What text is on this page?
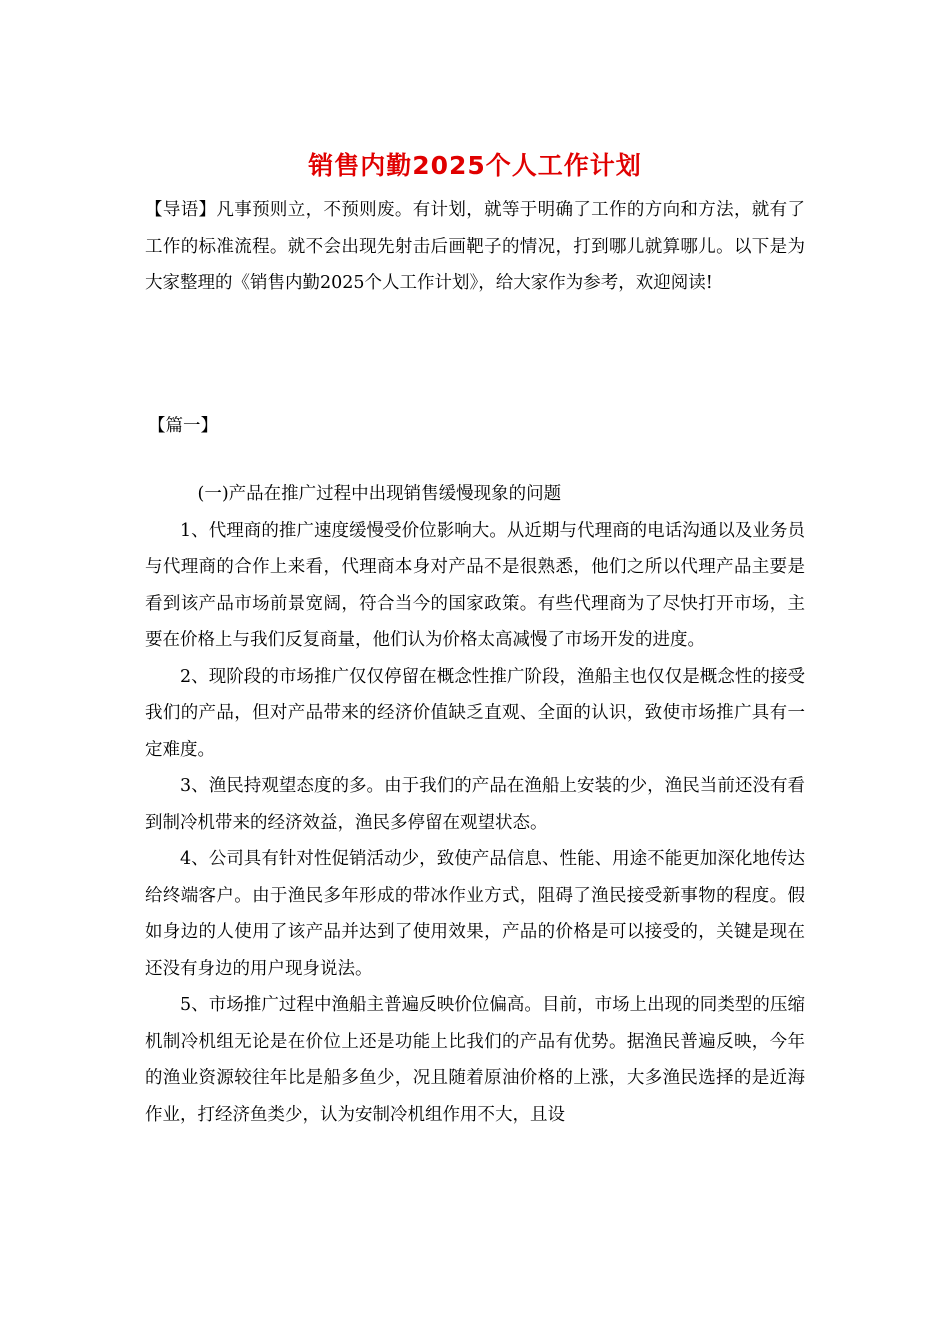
销售内勤2025个人工作计划

【导语】凡事预则立，不预则废。有计划，就等于明确了工作的方向和方法，就有了工作的标准流程。就不会出现先射击后画靶子的情况，打到哪儿就算哪儿。以下是为大家整理的《销售内勤2025个人工作计划》，给大家作为参考，欢迎阅读!

【篇一】

(一)产品在推广过程中出现销售缓慢现象的问题

1、代理商的推广速度缓慢受价位影响大。从近期与代理商的电话沟通以及业务员与代理商的合作上来看，代理商本身对产品不是很熟悉，他们之所以代理产品主要是看到该产品市场前景宽阔，符合当今的国家政策。有些代理商为了尽快打开市场，主要在价格上与我们反复商量，他们认为价格太高减慢了市场开发的进度。

2、现阶段的市场推广仅仅停留在概念性推广阶段，渔船主也仅仅是概念性的接受我们的产品，但对产品带来的经济价值缺乏直观、全面的认识，致使市场推广具有一定难度。

3、渔民持观望态度的多。由于我们的产品在渔船上安装的少，渔民当前还没有看到制冷机带来的经济效益，渔民多停留在观望状态。

4、公司具有针对性促销活动少，致使产品信息、性能、用途不能更加深化地传达给终端客户。由于渔民多年形成的带冰作业方式，阻碍了渔民接受新事物的程度。假如身边的人使用了该产品并达到了使用效果，产品的价格是可以接受的，关键是现在还没有身边的用户现身说法。

5、市场推广过程中渔船主普遍反映价位偏高。目前，市场上出现的同类型的压缩机制冷机组无论是在价位上还是功能上比我们的产品有优势。据渔民普遍反映，今年的渔业资源较往年比是船多鱼少，况且随着原油价格的上涨，大多渔民选择的是近海作业，打经济鱼类少，认为安制冷机组作用不大，且设
